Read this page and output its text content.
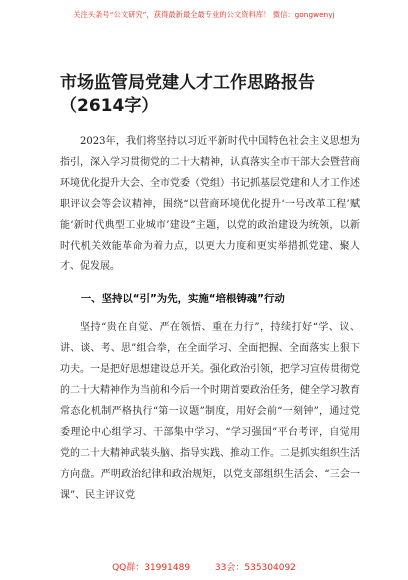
关注头条号“公文研究”，获得最新最全最专业的公文资料库！ 微信：gongwenyj
市场监管局党建人才工作思路报告（2614字）

2023年，我们将坚持以习近平新时代中国特色社会主义思想为指引，深入学习贯彻党的二十大精神，认真落实全市干部大会暨营商环境优化提升大会、全市党委（党组）书记抓基层党建和人才工作述职评议会等会议精神，围绕“以营商环境优化提升‘一号改革工程’赋能‘新时代典型工业城市’建设”主题，以党的政治建设为统领，以新时代机关效能革命为着力点，以更大力度和更实举措抓党建、聚人才、促发展。

一、坚持以“引”为先，实施“培根铸魂”行动

坚持“贵在自觉、严在领悟、重在力行”，持续打好“学、议、讲、谈、考、思”组合拳，在全面学习、全面把握、全面落实上狠下功夫。一是把好思想建设总开关。强化政治引领，把学习宣传贯彻党的二十大精神作为当前和今后一个时期首要政治任务，健全学习教育常态化机制严格执行“第一议题”制度，用好会前“一刻钟”，通过党委理论中心组学习、干部集中学习、“学习强国”平台考评，自觉用党的二十大精神武装头脑、指导实践、推动工作。二是抓实组织生活方向盘。严明政治纪律和政治规矩，以党支部组织生活会、“三会一课”、民主评议党

QQ群：31991489	33会：535304092
